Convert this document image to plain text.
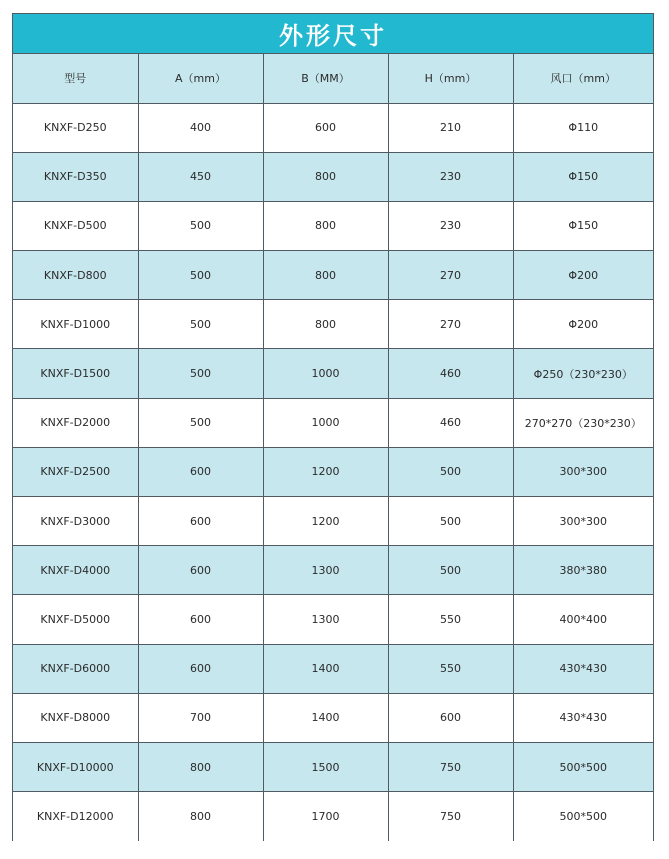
外形尺寸
型号	A（mm）	B（MM）	H（mm）	风口（mm）
KNXF-D250	400	600	210	Φ110
KNXF-D350	450	800	230	Φ150
KNXF-D500	500	800	230	Φ150
KNXF-D800	500	800	270	Φ200
KNXF-D1000	500	800	270	Φ200
KNXF-D1500	500	1000	460	Φ250（230*230）
KNXF-D2000	500	1000	460	270*270（230*230）
KNXF-D2500	600	1200	500	300*300
KNXF-D3000	600	1200	500	300*300
KNXF-D4000	600	1300	500	380*380
KNXF-D5000	600	1300	550	400*400
KNXF-D6000	600	1400	550	430*430
KNXF-D8000	700	1400	600	430*430
KNXF-D10000	800	1500	750	500*500
KNXF-D12000	800	1700	750	500*500
